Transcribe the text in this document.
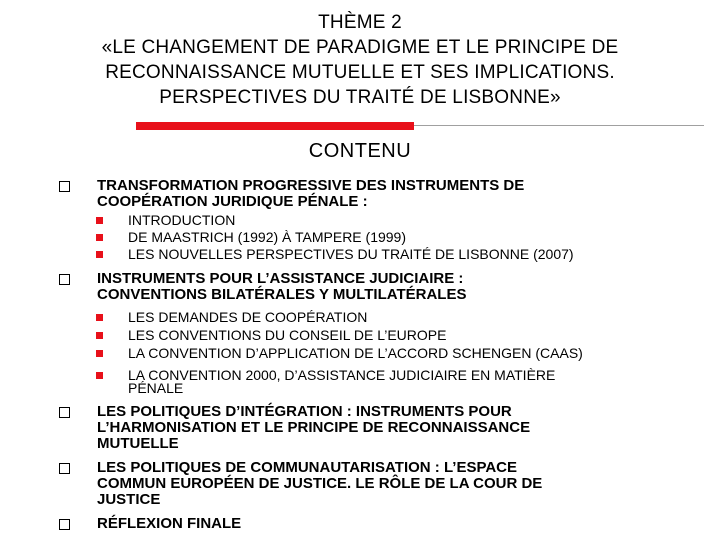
THÈME 2
«LE CHANGEMENT DE PARADIGME ET LE PRINCIPE DE
RECONNAISSANCE MUTUELLE ET SES IMPLICATIONS.
PERSPECTIVES DU TRAITÉ DE LISBONNE»
CONTENU
TRANSFORMATION PROGRESSIVE DES INSTRUMENTS DE
COOPÉRATION JURIDIQUE PÉNALE :
INTRODUCTION
DE MAASTRICH (1992) À TAMPERE (1999)
LES NOUVELLES PERSPECTIVES DU TRAITÉ DE LISBONNE (2007)
INSTRUMENTS POUR L’ASSISTANCE JUDICIAIRE :
CONVENTIONS BILATÉRALES Y MULTILATÉRALES
LES DEMANDES DE COOPÉRATION
LES CONVENTIONS DU CONSEIL DE L’EUROPE
LA CONVENTION D’APPLICATION DE L’ACCORD SCHENGEN (CAAS)
LA CONVENTION 2000, D’ASSISTANCE JUDICIAIRE EN MATIÈRE
PÉNALE
LES POLITIQUES D’INTÉGRATION : INSTRUMENTS POUR
L’HARMONISATION ET LE PRINCIPE DE RECONNAISSANCE
MUTUELLE
LES POLITIQUES DE COMMUNAUTARISATION : L’ESPACE
COMMUN EUROPÉEN DE JUSTICE. LE RÔLE DE LA COUR DE
JUSTICE
RÉFLEXION FINALE
